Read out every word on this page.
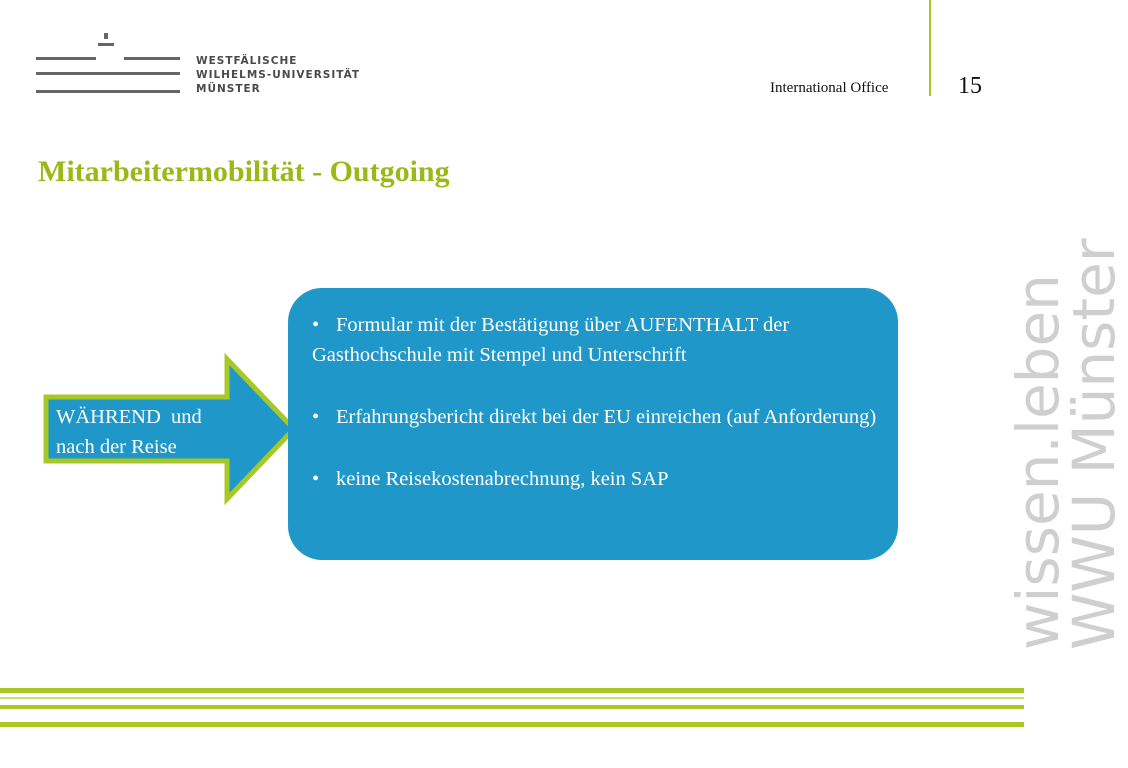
WESTFÄLISCHE
WILHELMS-UNIVERSITÄT
MÜNSTER	International Office	15
Mitarbeitermobilität - Outgoing
WÄHREND  und
nach der Reise
• Formular mit der Bestätigung über AUFENTHALT der Gasthochschule mit Stempel und Unterschrift
• Erfahrungsbericht direkt bei der EU einreichen (auf Anforderung)
• keine Reisekostenabrechnung, kein SAP	wissen.leben
WWU Münster
